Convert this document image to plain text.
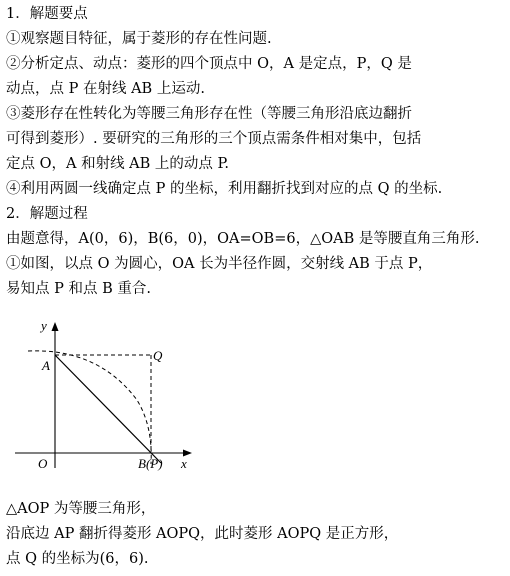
1．解题要点
①观察题目特征，属于菱形的存在性问题.
②分析定点、动点：菱形的四个顶点中 O，A 是定点，P，Q 是
动点，点 P 在射线 AB 上运动.
③菱形存在性转化为等腰三角形存在性（等腰三角形沿底边翻折
可得到菱形）. 要研究的三角形的三个顶点需条件相对集中，包括
定点 O，A 和射线 AB 上的动点 P.
④利用两圆一线确定点 P 的坐标，利用翻折找到对应的点 Q 的坐标.
2．解题过程
由题意得，A(0，6)，B(6，0)，OA=OB=6，△OAB 是等腰直角三角形.
①如图，以点 O 为圆心，OA 长为半径作圆，交射线 AB 于点 P，
易知点 P 和点 B 重合.
y
A
Q
O	B(P) x
△AOP 为等腰三角形，
沿底边 AP 翻折得菱形 AOPQ，此时菱形 AOPQ 是正方形，
点 Q 的坐标为(6，6).
